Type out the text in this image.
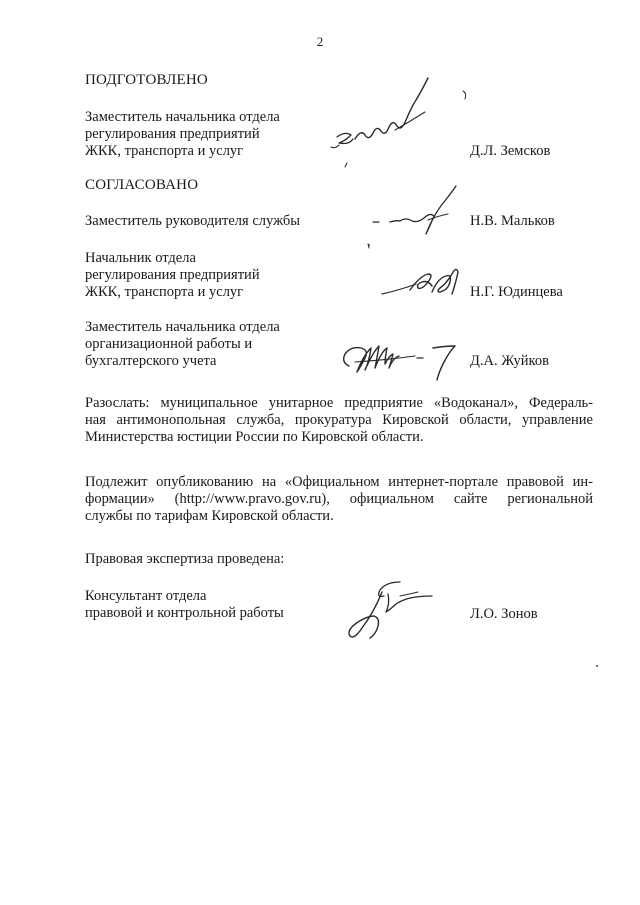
2
ПОДГОТОВЛЕНО
Заместитель начальника отдела
регулирования предприятий
ЖКК, транспорта и услуг	Д.Л. Земсков
СОГЛАСОВАНО
Заместитель руководителя службы	Н.В. Мальков
Начальник отдела
регулирования предприятий
ЖКК, транспорта и услуг	Н.Г. Юдинцева
Заместитель начальника отдела
организационной работы и
бухгалтерского учета	Д.А. Жуйков
Разослать: муниципальное унитарное предприятие «Водоканал», Федераль-
ная антимонопольная служба, прокуратура Кировской области, управление
Министерства юстиции России по Кировской области.
Подлежит опубликованию на «Официальном интернет-портале правовой ин-
формации» (http://www.pravo.gov.ru), официальном сайте региональной
службы по тарифам Кировской области.
Правовая экспертиза проведена:
Консультант отдела
правовой и контрольной работы	Л.О. Зонов
